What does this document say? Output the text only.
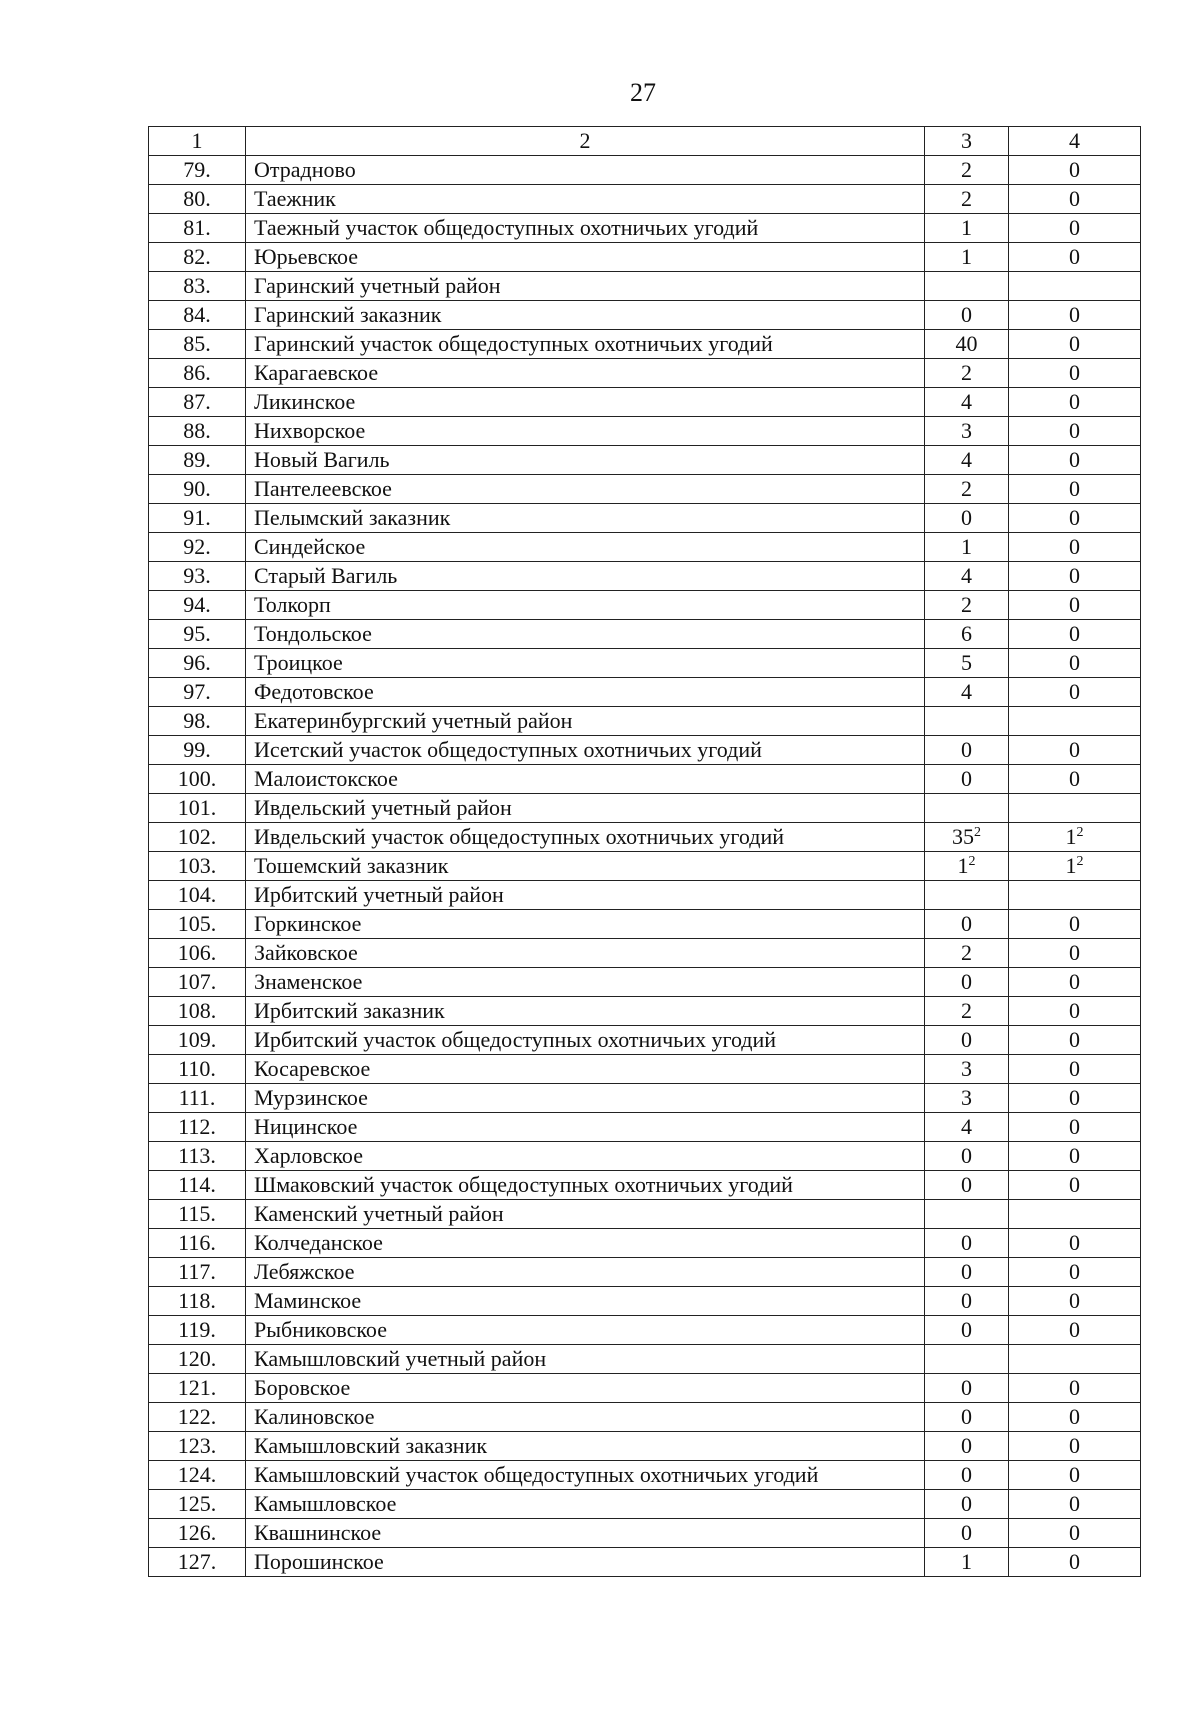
27
1	2	3	4
79.	Отрадново	2	0
80.	Таежник	2	0
81.	Таежный участок общедоступных охотничьих угодий	1	0
82.	Юрьевское	1	0
83.	Гаринский учетный район		
84.	Гаринский заказник	0	0
85.	Гаринский участок общедоступных охотничьих угодий	40	0
86.	Карагаевское	2	0
87.	Ликинское	4	0
88.	Нихворское	3	0
89.	Новый Вагиль	4	0
90.	Пантелеевское	2	0
91.	Пелымский заказник	0	0
92.	Синдейское	1	0
93.	Старый Вагиль	4	0
94.	Толкорп	2	0
95.	Тондольское	6	0
96.	Троицкое	5	0
97.	Федотовское	4	0
98.	Екатеринбургский учетный район		
99.	Исетский участок общедоступных охотничьих угодий	0	0
100.	Малоистокское	0	0
101.	Ивдельский учетный район		
102.	Ивдельский участок общедоступных охотничьих угодий	$35^2$	$1^2$
103.	Тошемский заказник	$1^2$	$1^2$
104.	Ирбитский учетный район		
105.	Горкинское	0	0
106.	Зайковское	2	0
107.	Знаменское	0	0
108.	Ирбитский заказник	2	0
109.	Ирбитский участок общедоступных охотничьих угодий	0	0
110.	Косаревское	3	0
111.	Мурзинское	3	0
112.	Ницинское	4	0
113.	Харловское	0	0
114.	Шмаковский участок общедоступных охотничьих угодий	0	0
115.	Каменский учетный район		
116.	Колчеданское	0	0
117.	Лебяжское	0	0
118.	Маминское	0	0
119.	Рыбниковское	0	0
120.	Камышловский учетный район		
121.	Боровское	0	0
122.	Калиновское	0	0
123.	Камышловский заказник	0	0
124.	Камышловский участок общедоступных охотничьих угодий	0	0
125.	Камышловское	0	0
126.	Квашнинское	0	0
127.	Порошинское	1	0
